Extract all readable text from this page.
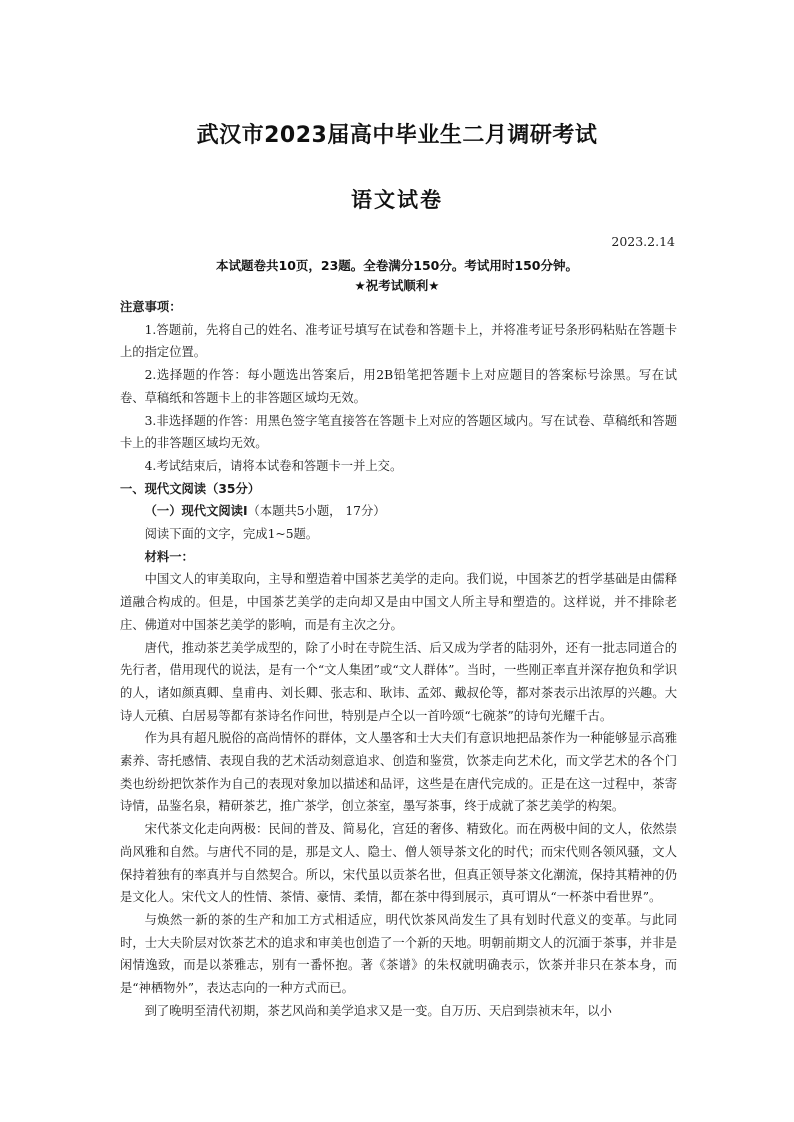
武汉市2023届高中毕业生二月调研考试
语文试卷
2023.2.14
本试题卷共10页，23题。全卷满分150分。考试用时150分钟。
★祝考试顺利★

注意事项：

1.答题前，先将自己的姓名、准考证号填写在试卷和答题卡上，并将准考证号条形码粘贴在答题卡上的指定位置。

2.选择题的作答：每小题选出答案后，用2B铅笔把答题卡上对应题目的答案标号涂黑。写在试卷、草稿纸和答题卡上的非答题区域均无效。

3.非选择题的作答：用黑色签字笔直接答在答题卡上对应的答题区域内。写在试卷、草稿纸和答题卡上的非答题区域均无效。

4.考试结束后，请将本试卷和答题卡一并上交。

一、现代文阅读（35分）

（一）现代文阅读Ⅰ（本题共5小题， 17分）

阅读下面的文字，完成1~5题。

材料一：

中国文人的审美取向，主导和塑造着中国茶艺美学的走向。我们说，中国茶艺的哲学基础是由儒释道融合构成的。但是，中国茶艺美学的走向却又是由中国文人所主导和塑造的。这样说，并不排除老庄、佛道对中国茶艺美学的影响，而是有主次之分。

唐代，推动茶艺美学成型的，除了小时在寺院生活、后又成为学者的陆羽外，还有一批志同道合的先行者，借用现代的说法，是有一个“文人集团”或“文人群体”。当时，一些刚正率直并深存抱负和学识的人，诸如颜真卿、皇甫冉、刘长卿、张志和、耿讳、孟郊、戴叔伦等，都对茶表示出浓厚的兴趣。大诗人元稹、白居易等都有茶诗名作问世，特别是卢仝以一首吟颂“七碗茶”的诗句光耀千古。

作为具有超凡脱俗的高尚情怀的群体，文人墨客和士大夫们有意识地把品茶作为一种能够显示高雅素养、寄托感情、表现自我的艺术活动刻意追求、创造和鉴赏，饮茶走向艺术化，而文学艺术的各个门类也纷纷把饮茶作为自己的表现对象加以描述和品评，这些是在唐代完成的。正是在这一过程中，茶寄诗情，品鉴名泉，精研茶艺，推广茶学，创立茶室，墨写茶事，终于成就了茶艺美学的构架。

宋代茶文化走向两极：民间的普及、简易化，宫廷的奢侈、精致化。而在两极中间的文人，依然崇尚风雅和自然。与唐代不同的是，那是文人、隐士、僧人领导茶文化的时代；而宋代则各领风骚，文人保持着独有的率真并与自然契合。所以，宋代虽以贡茶名世，但真正领导茶文化潮流，保持其精神的仍是文化人。宋代文人的性情、茶情、豪情、柔情，都在茶中得到展示，真可谓从“一杯茶中看世界”。

与焕然一新的茶的生产和加工方式相适应，明代饮茶风尚发生了具有划时代意义的变革。与此同时，士大夫阶层对饮茶艺术的追求和审美也创造了一个新的天地。明朝前期文人的沉湎于茶事，并非是闲情逸致，而是以茶雅志，别有一番怀抱。著《茶谱》的朱权就明确表示，饮茶并非只在茶本身，而是“神栖物外”，表达志向的一种方式而已。

到了晚明至清代初期，茶艺风尚和美学追求又是一变。自万历、天启到崇祯末年，以小
